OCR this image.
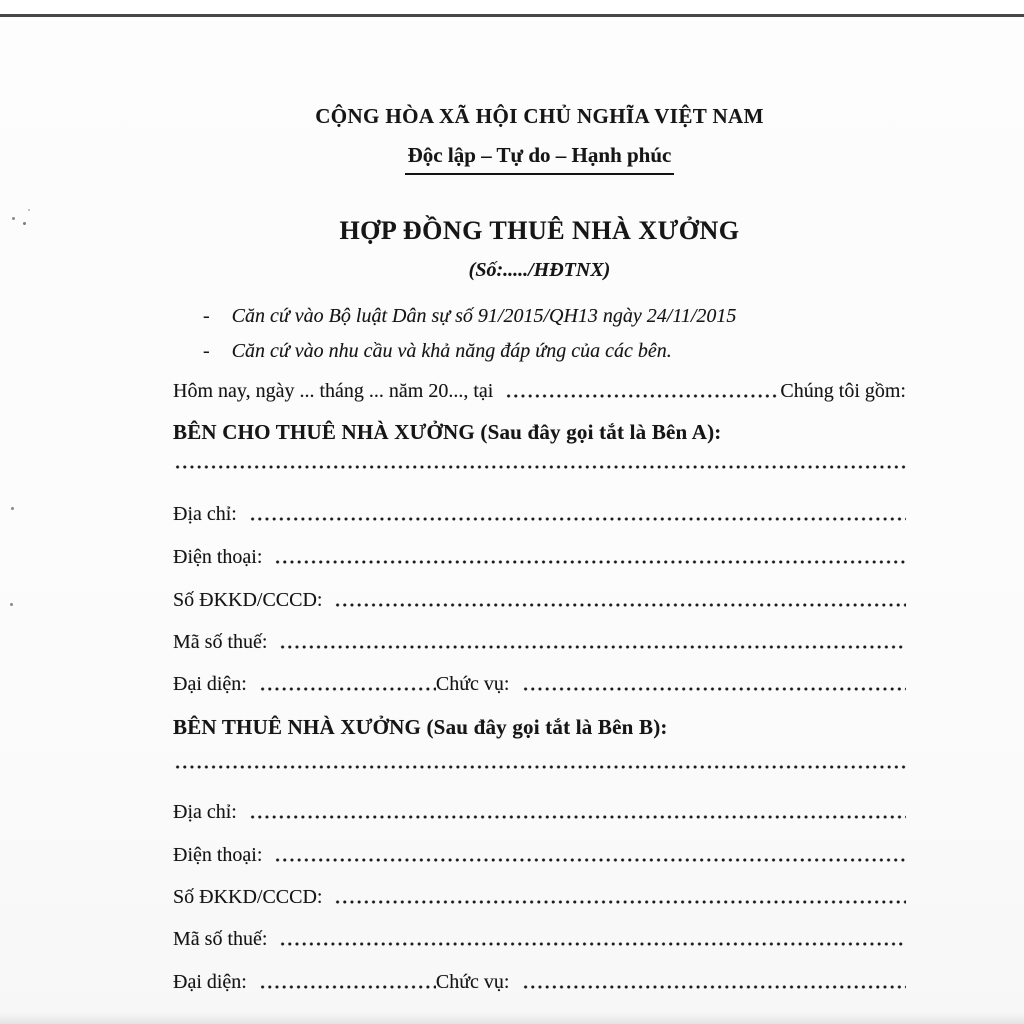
CỘNG HÒA XÃ HỘI CHỦ NGHĨA VIỆT NAM
Độc lập – Tự do – Hạnh phúc
HỢP ĐỒNG THUÊ NHÀ XƯỞNG
(Số:...../HĐTNX)
- Căn cứ vào Bộ luật Dân sự số 91/2015/QH13 ngày 24/11/2015
- Căn cứ vào nhu cầu và khả năng đáp ứng của các bên.
Hôm nay, ngày ... tháng ... năm 20..., tại	Chúng tôi gồm:
BÊN CHO THUÊ NHÀ XƯỞNG (Sau đây gọi tắt là Bên A):
Địa chỉ:
Điện thoại:
Số ĐKKD/CCCD:
Mã số thuế:
Đại diện:	Chức vụ:
BÊN THUÊ NHÀ XƯỞNG (Sau đây gọi tắt là Bên B):
Địa chỉ:
Điện thoại:
Số ĐKKD/CCCD:
Mã số thuế:
Đại diện:	Chức vụ:
